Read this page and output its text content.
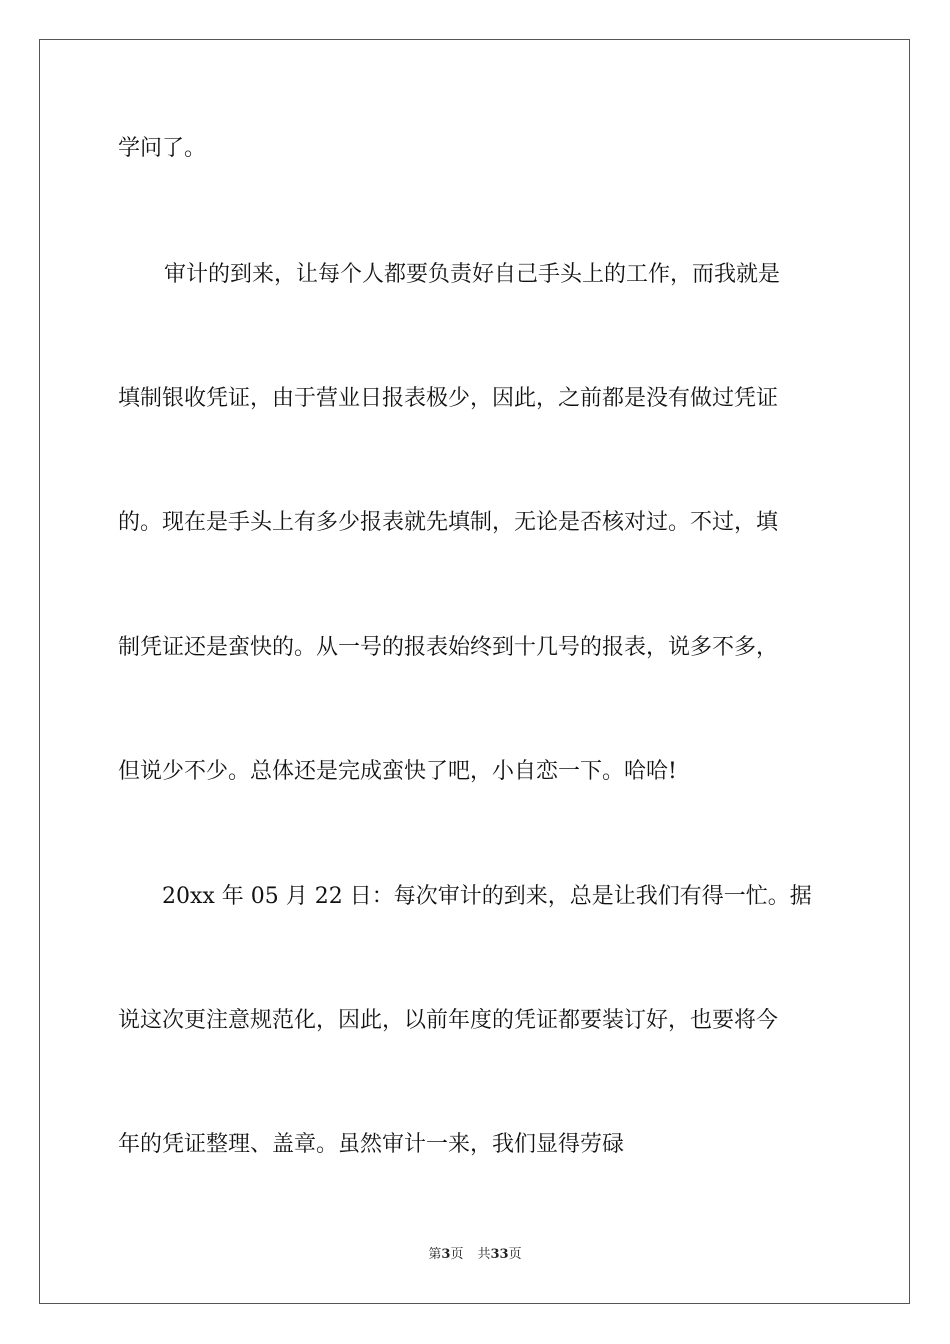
学问了。
审计的到来，让每个人都要负责好自己手头上的工作，而我就是
填制银收凭证，由于营业日报表极少，因此，之前都是没有做过凭证
的。现在是手头上有多少报表就先填制，无论是否核对过。不过，填
制凭证还是蛮快的。从一号的报表始终到十几号的报表，说多不多，
但说少不少。总体还是完成蛮快了吧，小自恋一下。哈哈!
20xx 年 05 月 22 日：每次审计的到来，总是让我们有得一忙。据
说这次更注意规范化，因此，以前年度的凭证都要装订好，也要将今
年的凭证整理、盖章。虽然审计一来，我们显得劳碌
第3页 共33页
